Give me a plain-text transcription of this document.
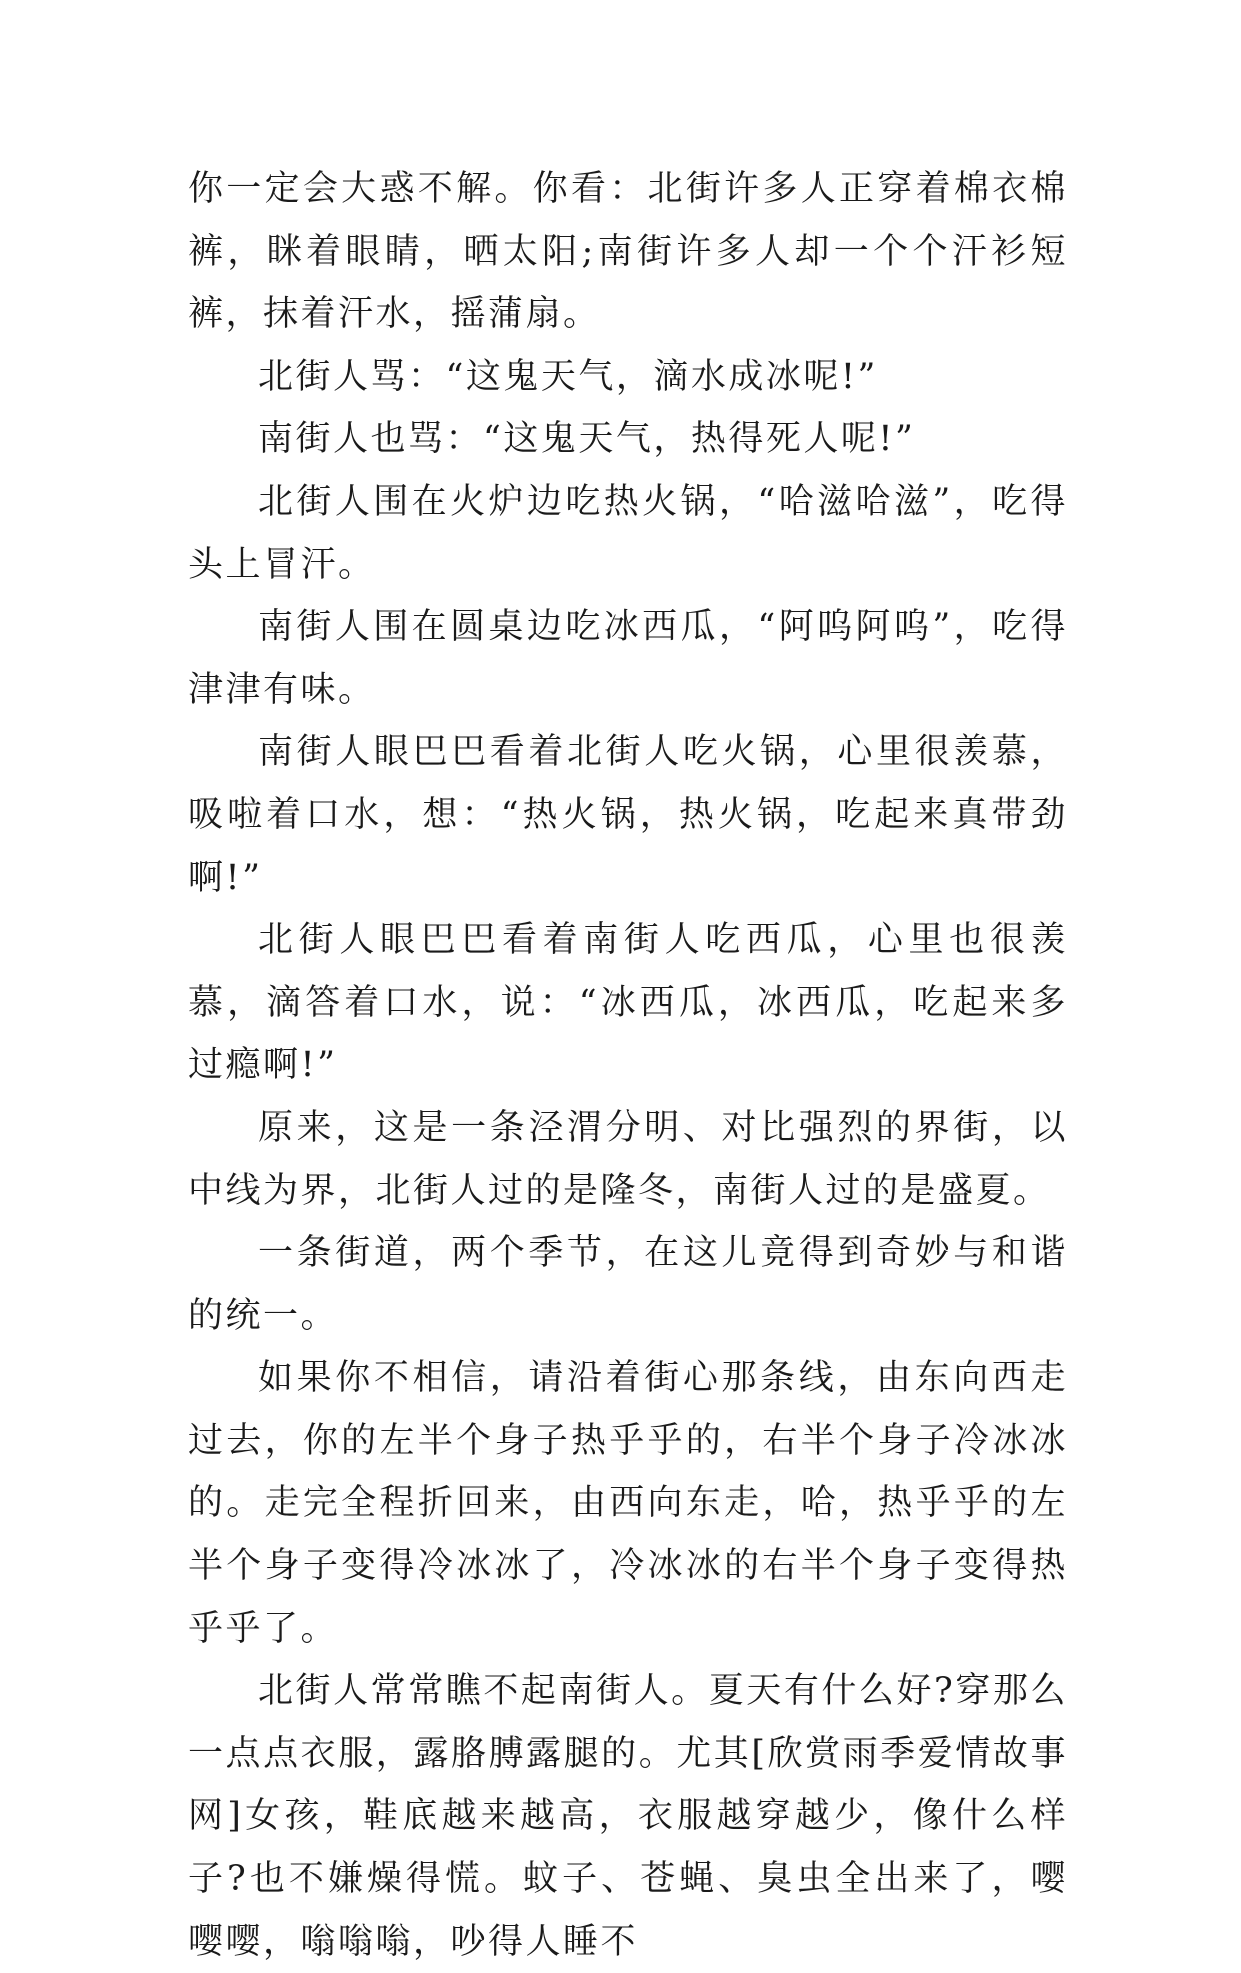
你一定会大惑不解。你看：北街许多人正穿着棉衣棉裤，眯着眼睛，晒太阳;南街许多人却一个个汗衫短裤，抹着汗水，摇蒲扇。

北街人骂：“这鬼天气，滴水成冰呢!”

南街人也骂：“这鬼天气，热得死人呢!”

北街人围在火炉边吃热火锅，“哈滋哈滋”，吃得头上冒汗。

南街人围在圆桌边吃冰西瓜，“阿呜阿呜”，吃得津津有味。

南街人眼巴巴看着北街人吃火锅，心里很羡慕，吸啦着口水，想：“热火锅，热火锅，吃起来真带劲啊!”

北街人眼巴巴看着南街人吃西瓜，心里也很羡慕，滴答着口水，说：“冰西瓜，冰西瓜，吃起来多过瘾啊!”

原来，这是一条泾渭分明、对比强烈的界街，以中线为界，北街人过的是隆冬，南街人过的是盛夏。

一条街道，两个季节，在这儿竟得到奇妙与和谐的统一。

如果你不相信，请沿着街心那条线，由东向西走过去，你的左半个身子热乎乎的，右半个身子冷冰冰的。走完全程折回来，由西向东走，哈，热乎乎的左半个身子变得冷冰冰了，冷冰冰的右半个身子变得热乎乎了。

北街人常常瞧不起南街人。夏天有什么好?穿那么一点点衣服，露胳膊露腿的。尤其[欣赏雨季爱情故事网]女孩，鞋底越来越高，衣服越穿越少，像什么样子?也不嫌燥得慌。蚊子、苍蝇、臭虫全出来了，嘤嘤嘤，嗡嗡嗡，吵得人睡不
